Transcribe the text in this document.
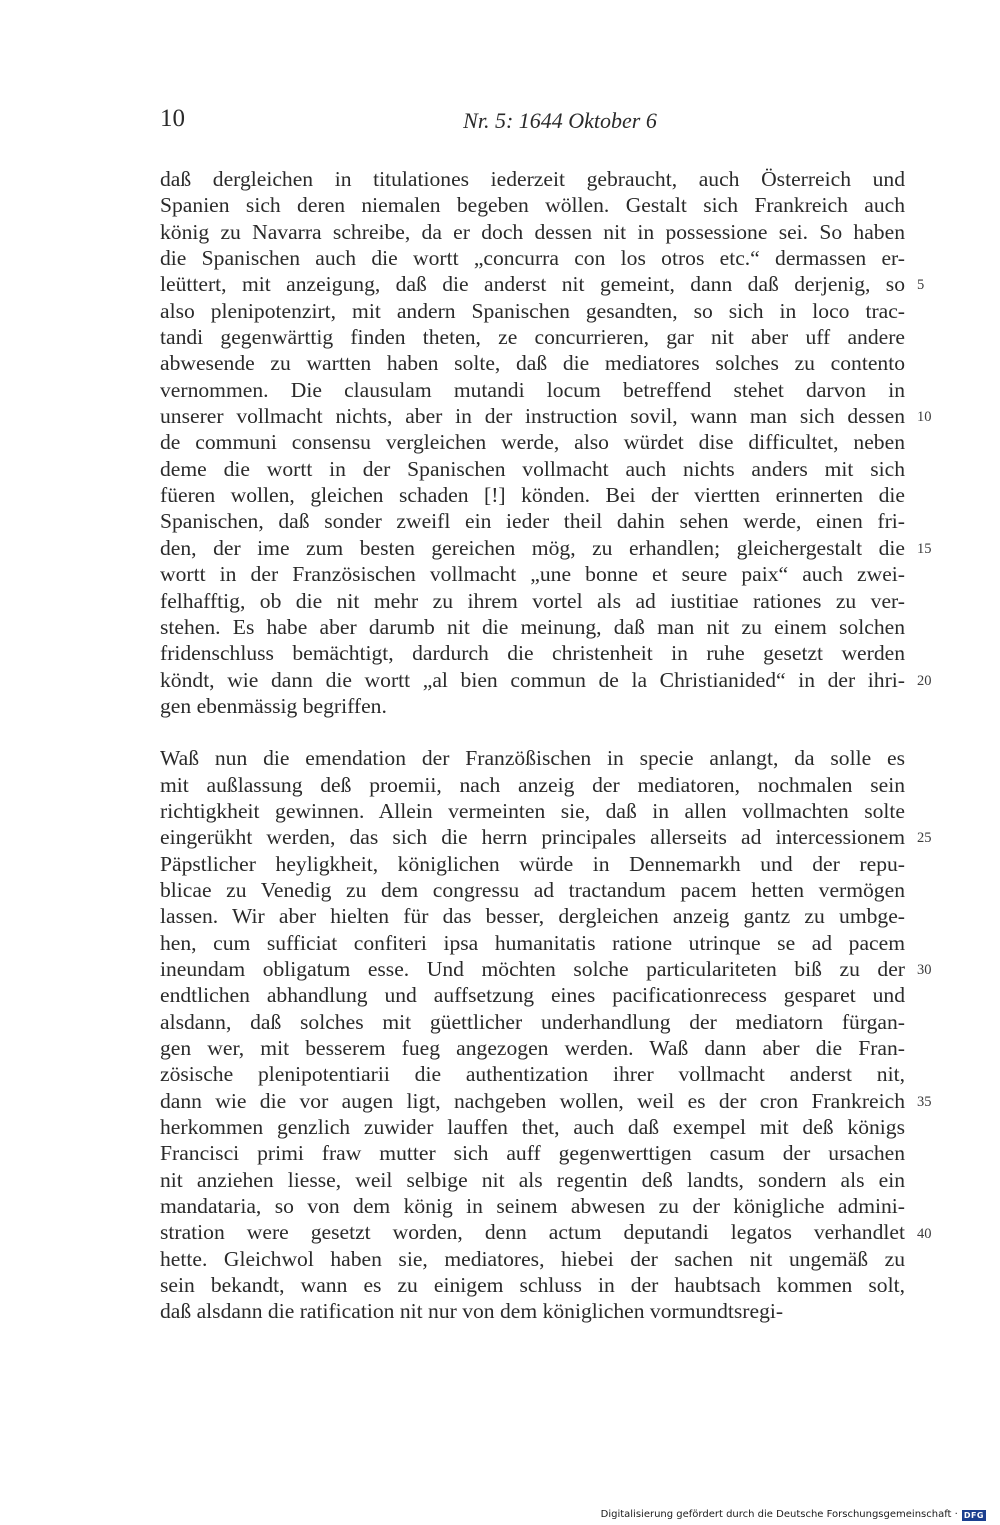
10	Nr. 5: 1644 Oktober 6
daß dergleichen in titulationes iederzeit gebraucht, auch Österreich und
Spanien sich deren niemalen begeben wöllen. Gestalt sich Frankreich auch
könig zu Navarra schreibe, da er doch dessen nit in possessione sei. So haben
die Spanischen auch die wortt „concurra con los otros etc.“ dermassen er-
leüttert, mit anzeigung, daß die anderst nit gemeint, dann daß derjenig, so
also plenipotenzirt, mit andern Spanischen gesandten, so sich in loco trac-
tandi gegenwärttig finden theten, ze concurrieren, gar nit aber uff andere
abwesende zu wartten haben solte, daß die mediatores solches zu contento
vernommen. Die clausulam mutandi locum betreffend stehet darvon in
unserer vollmacht nichts, aber in der instruction sovil, wann man sich dessen
de communi consensu vergleichen werde, also würdet dise difficultet, neben
deme die wortt in der Spanischen vollmacht auch nichts anders mit sich
füeren wollen, gleichen schaden [!] könden. Bei der viertten erinnerten die
Spanischen, daß sonder zweifl ein ieder theil dahin sehen werde, einen fri-
den, der ime zum besten gereichen mög, zu erhandlen; gleichergestalt die
wortt in der Französischen vollmacht „une bonne et seure paix“ auch zwei-
felhafftig, ob die nit mehr zu ihrem vortel als ad iustitiae rationes zu ver-
stehen. Es habe aber darumb nit die meinung, daß man nit zu einem solchen
fridenschluss bemächtigt, dardurch die christenheit in ruhe gesetzt werden
köndt, wie dann die wortt „al bien commun de la Christianided“ in der ihri-
gen ebenmässig begriffen.
Waß nun die emendation der Franzößischen in specie anlangt, da solle es
mit außlassung deß proemii, nach anzeig der mediatoren, nochmalen sein
richtigkheit gewinnen. Allein vermeinten sie, daß in allen vollmachten solte
eingerükht werden, das sich die herrn principales allerseits ad intercessionem
Päpstlicher heyligkheit, königlichen würde in Dennemarkh und der repu-
blicae zu Venedig zu dem congressu ad tractandum pacem hetten vermögen
lassen. Wir aber hielten für das besser, dergleichen anzeig gantz zu umbge-
hen, cum sufficiat confiteri ipsa humanitatis ratione utrinque se ad pacem
ineundam obligatum esse. Und möchten solche particulariteten biß zu der
endtlichen abhandlung und auffsetzung eines pacificationrecess gesparet und
alsdann, daß solches mit güettlicher underhandlung der mediatorn fürgan-
gen wer, mit besserem fueg angezogen werden. Waß dann aber die Fran-
zösische plenipotentiarii die authentization ihrer vollmacht anderst nit,
dann wie die vor augen ligt, nachgeben wollen, weil es der cron Frankreich
herkommen genzlich zuwider lauffen thet, auch daß exempel mit deß königs
Francisci primi fraw mutter sich auff gegenwerttigen casum der ursachen
nit anziehen liesse, weil selbige nit als regentin deß landts, sondern als ein
mandataria, so von dem könig in seinem abwesen zu der königliche admini-
stration were gesetzt worden, denn actum deputandi legatos verhandlet
hette. Gleichwol haben sie, mediatores, hiebei der sachen nit ungemäß zu
sein bekandt, wann es zu einigem schluss in der haubtsach kommen solt,
daß alsdann die ratification nit nur von dem königlichen vormundtsregi-
5
10
15
20
25
30
35
40
Digitalisierung gefördert durch die Deutsche Forschungsgemeinschaft · DFG
